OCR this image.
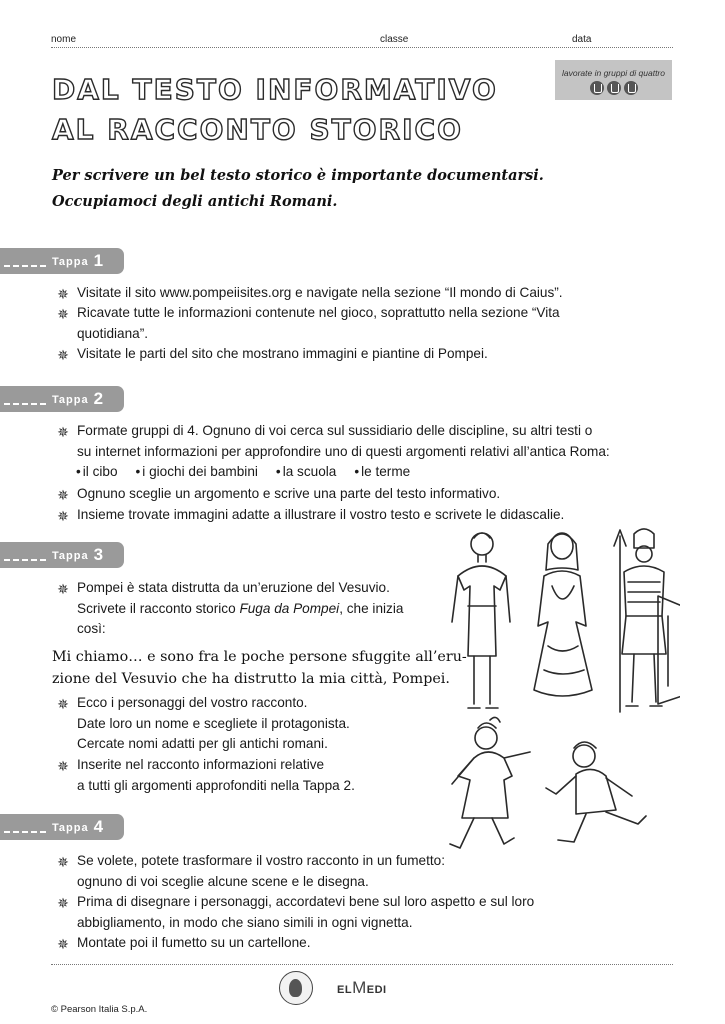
nome	classe	data
lavorate in gruppi di quattro
DAL TESTO INFORMATIVO
AL RACCONTO STORICO
Per scrivere un bel testo storico è importante documentarsi.
Occupiamoci degli antichi Romani.
Tappa 1
✵ Visitate il sito www.pompeiisites.org e navigate nella sezione “Il mondo di Caius”.
✵ Ricavate tutte le informazioni contenute nel gioco, soprattutto nella sezione “Vita
quotidiana”.
✵ Visitate le parti del sito che mostrano immagini e piantine di Pompei.
Tappa 2
✵ Formate gruppi di 4. Ognuno di voi cerca sul sussidiario delle discipline, su altri testi o
su internet informazioni per approfondire uno di questi argomenti relativi all’antica Roma:
• il cibo	• i giochi dei bambini	• la scuola	• le terme
✵ Ognuno sceglie un argomento e scrive una parte del testo informativo.
✵ Insieme trovate immagini adatte a illustrare il vostro testo e scrivete le didascalie.
Tappa 3
✵ Pompei è stata distrutta da un’eruzione del Vesuvio.
Scrivete il racconto storico Fuga da Pompei, che inizia
così:
Mi chiamo… e sono fra le poche persone sfuggite all’eru-
zione del Vesuvio che ha distrutto la mia città, Pompei.
✵ Ecco i personaggi del vostro racconto.
Date loro un nome e scegliete il protagonista.
Cercate nomi adatti per gli antichi romani.
✵ Inserite nel racconto informazioni relative
a tutti gli argomenti approfonditi nella Tappa 2.
Tappa 4
✵ Se volete, potete trasformare il vostro racconto in un fumetto:
ognuno di voi sceglie alcune scene e le disegna.
✵ Prima di disegnare i personaggi, accordatevi bene sul loro aspetto e sul loro
abbigliamento, in modo che siano simili in ogni vignetta.
✵ Montate poi il fumetto su un cartellone.
ELMEDI
© Pearson Italia S.p.A.
